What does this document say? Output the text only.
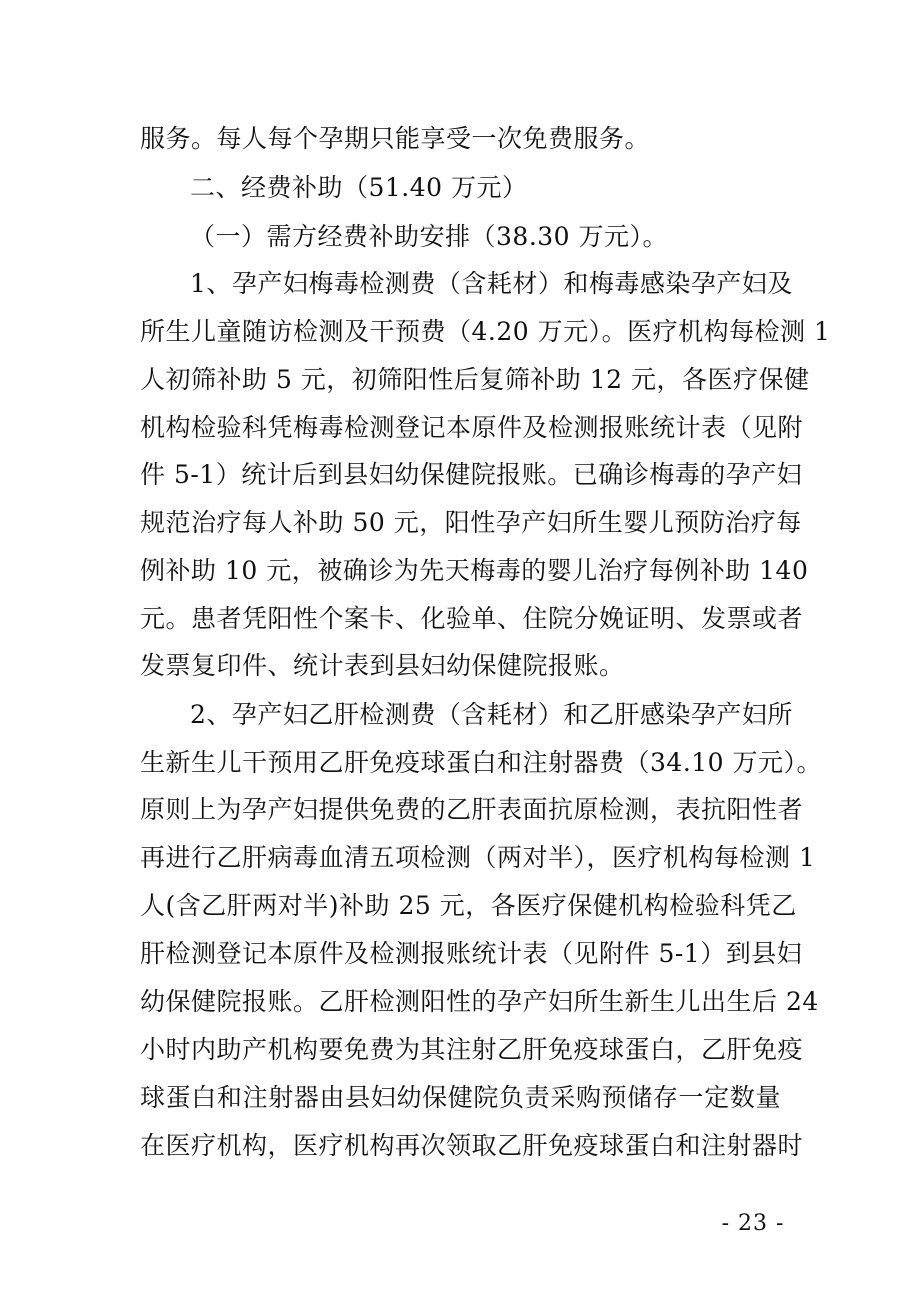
服务。每人每个孕期只能享受一次免费服务。
二、经费补助（51.40 万元）
（一）需方经费补助安排（38.30 万元）。
1、孕产妇梅毒检测费（含耗材）和梅毒感染孕产妇及
所生儿童随访检测及干预费（4.20 万元）。医疗机构每检测 1
人初筛补助 5 元，初筛阳性后复筛补助 12 元，各医疗保健
机构检验科凭梅毒检测登记本原件及检测报账统计表（见附
件 5-1）统计后到县妇幼保健院报账。已确诊梅毒的孕产妇
规范治疗每人补助 50 元，阳性孕产妇所生婴儿预防治疗每
例补助 10 元，被确诊为先天梅毒的婴儿治疗每例补助 140
元。患者凭阳性个案卡、化验单、住院分娩证明、发票或者
发票复印件、统计表到县妇幼保健院报账。
2、孕产妇乙肝检测费（含耗材）和乙肝感染孕产妇所
生新生儿干预用乙肝免疫球蛋白和注射器费（34.10 万元）。
原则上为孕产妇提供免费的乙肝表面抗原检测，表抗阳性者
再进行乙肝病毒血清五项检测（两对半），医疗机构每检测 1
人(含乙肝两对半)补助 25 元，各医疗保健机构检验科凭乙
肝检测登记本原件及检测报账统计表（见附件 5-1）到县妇
幼保健院报账。乙肝检测阳性的孕产妇所生新生儿出生后 24
小时内助产机构要免费为其注射乙肝免疫球蛋白，乙肝免疫
球蛋白和注射器由县妇幼保健院负责采购预储存一定数量
在医疗机构，医疗机构再次领取乙肝免疫球蛋白和注射器时
- 23 -
